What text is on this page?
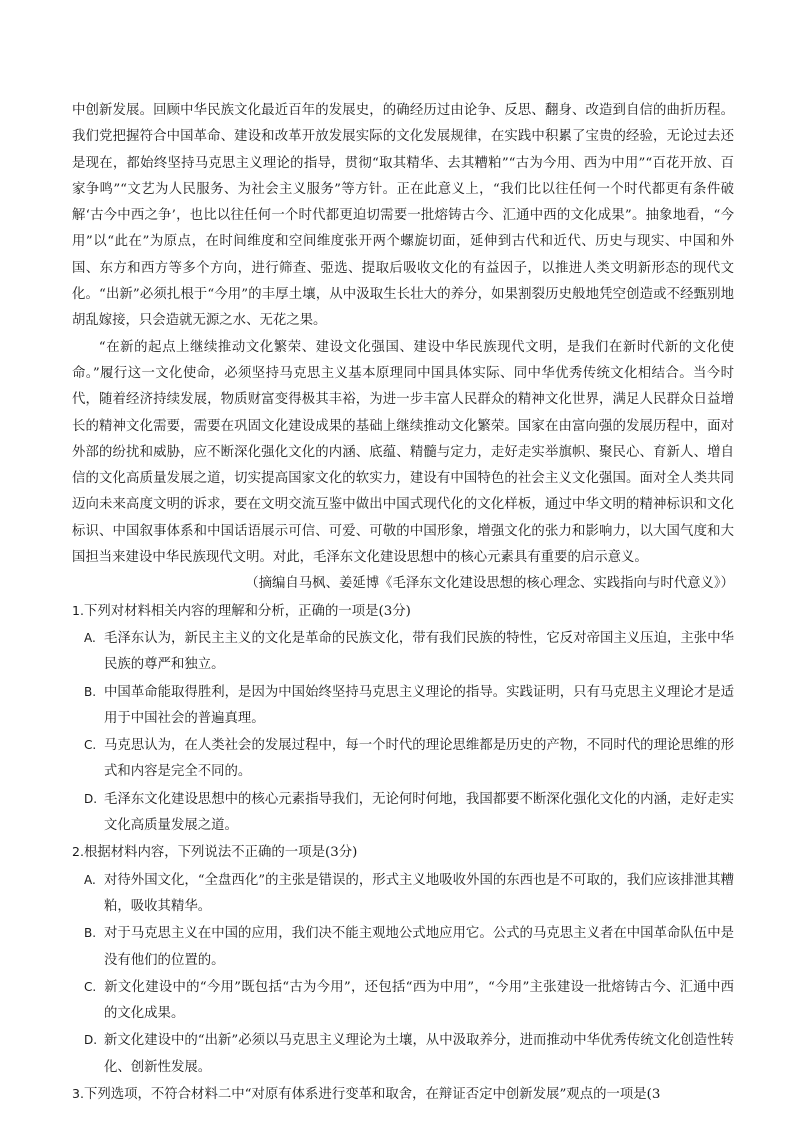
中创新发展。回顾中华民族文化最近百年的发展史，的确经历过由论争、反思、翻身、改造到自信的曲折历程。我们党把握符合中国革命、建设和改革开放发展实际的文化发展规律，在实践中积累了宝贵的经验，无论过去还是现在，都始终坚持马克思主义理论的指导，贯彻“取其精华、去其糟粕”“古为今用、西为中用”“百花开放、百家争鸣”“文艺为人民服务、为社会主义服务”等方针。正在此意义上，“我们比以往任何一个时代都更有条件破解‘古今中西之争’，也比以往任何一个时代都更迫切需要一批熔铸古今、汇通中西的文化成果”。抽象地看，“今用”以“此在”为原点，在时间维度和空间维度张开两个螺旋切面，延伸到古代和近代、历史与现实、中国和外国、东方和西方等多个方向，进行筛查、弫选、提取后吸收文化的有益因子，以推进人类文明新形态的现代文化。“出新”必须扎根于“今用”的丰厚土壤，从中汲取生长壮大的养分，如果割裂历史般地凭空创造或不经甄别地胡乱嫁接，只会造就无源之水、无花之果。

“在新的起点上继续推动文化繁荣、建设文化强国、建设中华民族现代文明，是我们在新时代新的文化使命。”履行这一文化使命，必须坚持马克思主义基本原理同中国具体实际、同中华优秀传统文化相结合。当今时代，随着经济持续发展，物质财富变得极其丰裕，为进一步丰富人民群众的精神文化世界，满足人民群众日益增长的精神文化需要，需要在巩固文化建设成果的基础上继续推动文化繁荣。国家在由富向强的发展历程中，面对外部的纷扰和威胁，应不断深化强化文化的内涵、底蕴、精髓与定力，走好走实举旗帜、聚民心、育新人、增自信的文化高质量发展之道，切实提高国家文化的软实力，建设有中国特色的社会主义文化强国。面对全人类共同迈向未来高度文明的诉求，要在文明交流互鉴中做出中国式现代化的文化样板，通过中华文明的精神标识和文化标识、中国叙事体系和中国话语展示可信、可爱、可敬的中国形象，增强文化的张力和影响力，以大国气度和大国担当来建设中华民族现代文明。对此，毛泽东文化建设思想中的核心元素具有重要的启示意义。

（摘编自马枫、姜延博《毛泽东文化建设思想的核心理念、实践指向与时代意义》）

1.下列对材料相关内容的理解和分析，正确的一项是(3分)

A. 毛泽东认为，新民主主义的文化是革命的民族文化，带有我们民族的特性，它反对帝国主义压迫，主张中华民族的尊严和独立。

B. 中国革命能取得胜利，是因为中国始终坚持马克思主义理论的指导。实践证明，只有马克思主义理论才是适用于中国社会的普遍真理。

C. 马克思认为，在人类社会的发展过程中，每一个时代的理论思维都是历史的产物，不同时代的理论思维的形式和内容是完全不同的。

D. 毛泽东文化建设思想中的核心元素指导我们，无论何时何地，我国都要不断深化强化文化的内涵，走好走实文化高质量发展之道。

2.根据材料内容，下列说法不正确的一项是(3分)

A. 对待外国文化，“全盘西化”的主张是错误的，形式主义地吸收外国的东西也是不可取的，我们应该排泄其糟粕，吸收其精华。

B. 对于马克思主义在中国的应用，我们决不能主观地公式地应用它。公式的马克思主义者在中国革命队伍中是没有他们的位置的。

C. 新文化建设中的“今用”既包括“古为今用”，还包括“西为中用”，“今用”主张建设一批熔铸古今、汇通中西的文化成果。

D. 新文化建设中的“出新”必须以马克思主义理论为土壤，从中汲取养分，进而推动中华优秀传统文化创造性转化、创新性发展。

3.下列选项，不符合材料二中“对原有体系进行变革和取舍，在辩证否定中创新发展”观点的一项是(3
